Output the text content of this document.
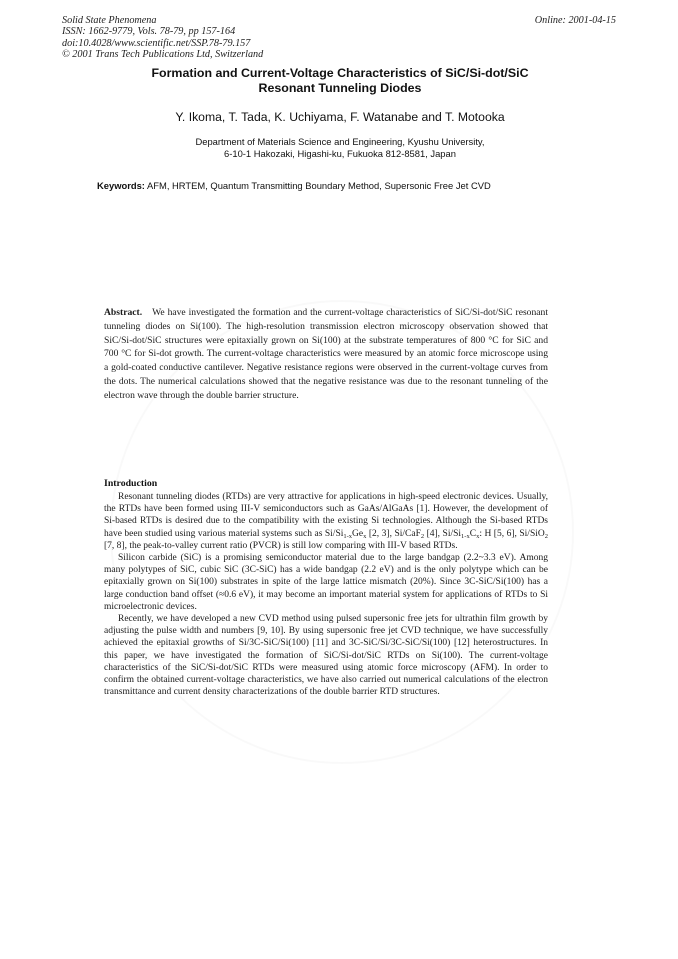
Solid State Phenomena
ISSN: 1662-9779, Vols. 78-79, pp 157-164
doi:10.4028/www.scientific.net/SSP.78-79.157
© 2001 Trans Tech Publications Ltd, Switzerland
Online: 2001-04-15
Formation and Current-Voltage Characteristics of SiC/Si-dot/SiC
Resonant Tunneling Diodes
Y. Ikoma, T. Tada, K. Uchiyama, F. Watanabe and T. Motooka
Department of Materials Science and Engineering, Kyushu University,
6-10-1 Hakozaki, Higashi-ku, Fukuoka 812-8581, Japan
Keywords: AFM, HRTEM, Quantum Transmitting Boundary Method, Supersonic Free Jet CVD
Abstract. We have investigated the formation and the current-voltage characteristics of SiC/Si-dot/SiC resonant tunneling diodes on Si(100). The high-resolution transmission electron microscopy observation showed that SiC/Si-dot/SiC structures were epitaxially grown on Si(100) at the substrate temperatures of 800 °C for SiC and 700 °C for Si-dot growth. The current-voltage characteristics were measured by an atomic force microscope using a gold-coated conductive cantilever. Negative resistance regions were observed in the current-voltage curves from the dots. The numerical calculations showed that the negative resistance was due to the resonant tunneling of the electron wave through the double barrier structure.
Introduction

Resonant tunneling diodes (RTDs) are very attractive for applications in high-speed electronic devices. Usually, the RTDs have been formed using III-V semiconductors such as GaAs/AlGaAs [1]. However, the development of Si-based RTDs is desired due to the compatibility with the existing Si technologies. Although the Si-based RTDs have been studied using various material systems such as $Si/Si_{1-x}Ge_x$ [2, 3], Si/CaF$_2$ [4], $Si/Si_{1-x}C_x$: H [5, 6], Si/SiO$_2$ [7, 8], the peak-to-valley current ratio (PVCR) is still low comparing with III-V based RTDs.

Silicon carbide (SiC) is a promising semiconductor material due to the large bandgap (2.2~3.3 eV). Among many polytypes of SiC, cubic SiC (3C-SiC) has a wide bandgap (2.2 eV) and is the only polytype which can be epitaxially grown on Si(100) substrates in spite of the large lattice mismatch (20%). Since 3C-SiC/Si(100) has a large conduction band offset (≈0.6 eV), it may become an important material system for applications of RTDs to Si microelectronic devices.

Recently, we have developed a new CVD method using pulsed supersonic free jets for ultrathin film growth by adjusting the pulse width and numbers [9, 10]. By using supersonic free jet CVD technique, we have successfully achieved the epitaxial growths of Si/3C-SiC/Si(100) [11] and 3C-SiC/Si/3C-SiC/Si(100) [12] heterostructures. In this paper, we have investigated the formation of SiC/Si-dot/SiC RTDs on Si(100). The current-voltage characteristics of the SiC/Si-dot/SiC RTDs were measured using atomic force microscopy (AFM). In order to confirm the obtained current-voltage characteristics, we have also carried out numerical calculations of the electron transmittance and current density characterizations of the double barrier RTD structures.
